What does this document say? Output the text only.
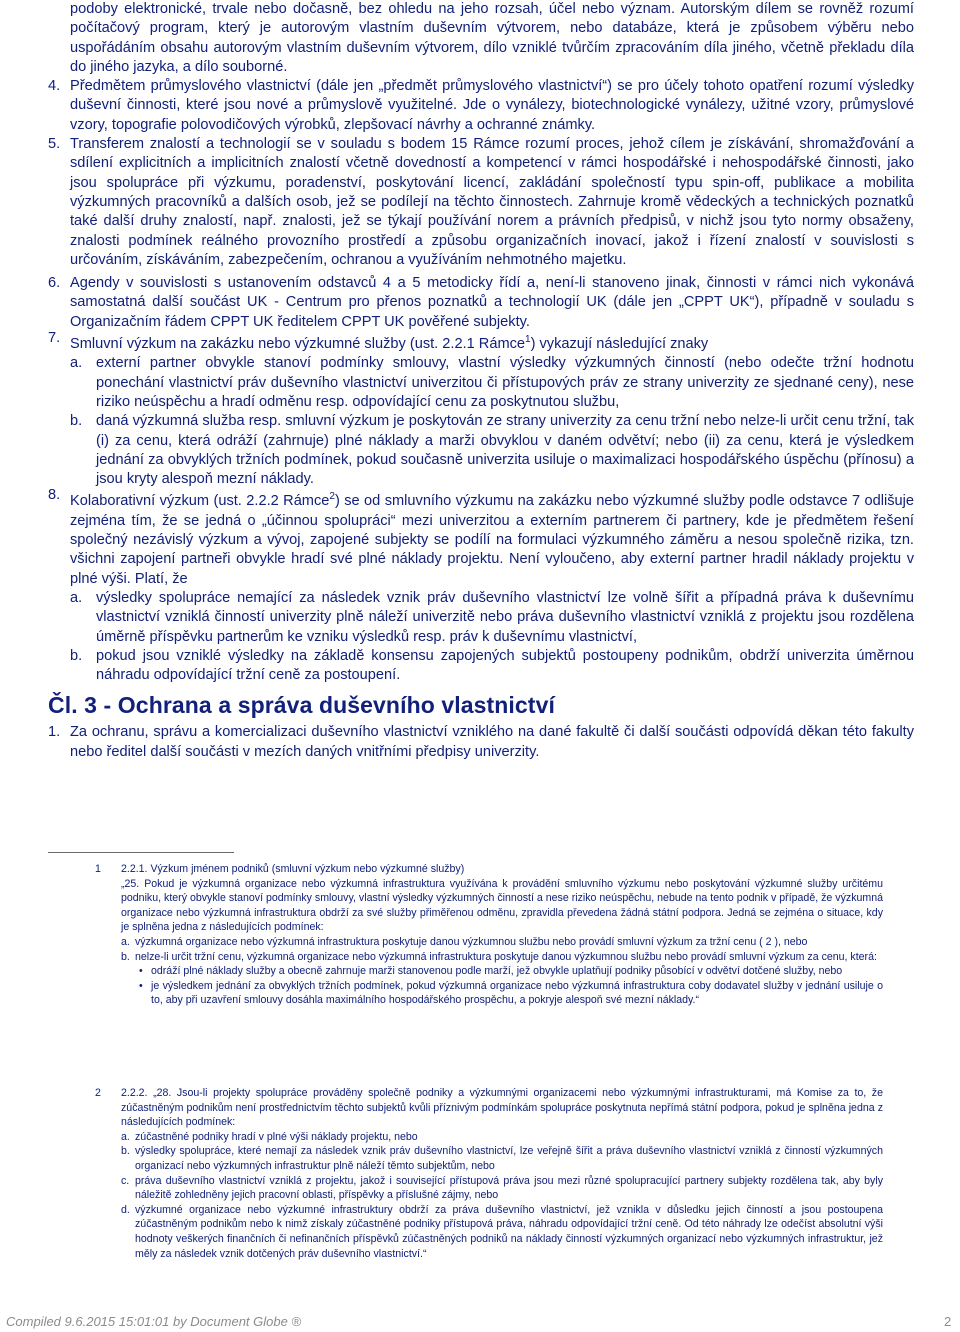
podoby elektronické, trvale nebo dočasně, bez ohledu na jeho rozsah, účel nebo význam. Autorským dílem se rovněž rozumí počítačový program, který je autorovým vlastním duševním výtvorem, nebo databáze, která je způsobem výběru nebo uspořádáním obsahu autorovým vlastním duševním výtvorem, dílo vzniklé tvůrčím zpracováním díla jiného, včetně překladu díla do jiného jazyka, a dílo souborné.
4. Předmětem průmyslového vlastnictví (dále jen „předmět průmyslového vlastnictví“) se pro účely tohoto opatření rozumí výsledky duševní činnosti, které jsou nové a průmyslově využitelné. Jde o vynálezy, biotechnologické vynálezy, užitné vzory, průmyslové vzory, topografie polovodičových výrobků, zlepšovací návrhy a ochranné známky.
5. Transferem znalostí a technologií se v souladu s bodem 15 Rámce rozumí proces, jehož cílem je získávání, shromažďování a sdílení explicitních a implicitních znalostí včetně dovedností a kompetencí v rámci hospodářské i nehospodářské činnosti, jako jsou spolupráce při výzkumu, poradenství, poskytování licencí, zakládání společností typu spin-off, publikace a mobilita výzkumných pracovníků a dalších osob, jež se podílejí na těchto činnostech. Zahrnuje kromě vědeckých a technických poznatků také další druhy znalostí, např. znalosti, jež se týkají používání norem a právních předpisů, v nichž jsou tyto normy obsaženy, znalosti podmínek reálného provozního prostředí a způsobu organizačních inovací, jakož i řízení znalostí v souvislosti s určováním, získáváním, zabezpečením, ochranou a využíváním nehmotného majetku.
6. Agendy v souvislosti s ustanovením odstavců 4 a 5 metodicky řídí a, není-li stanoveno jinak, činnosti v rámci nich vykonává samostatná další součást UK - Centrum pro přenos poznatků a technologií UK (dále jen „CPPT UK“), případně v souladu s Organizačním řádem CPPT UK ředitelem CPPT UK pověřené subjekty.
7. Smluvní výzkum na zakázku nebo výzkumné služby (ust. 2.2.1 Rámce$^1$) vykazují následující znaky
a. externí partner obvykle stanoví podmínky smlouvy, vlastní výsledky výzkumných činností (nebo odečte tržní hodnotu ponechání vlastnictví práv duševního vlastnictví univerzitou či přístupových práv ze strany univerzity ze sjednané ceny), nese riziko neúspěchu a hradí odměnu resp. odpovídající cenu za poskytnutou službu,
b. daná výzkumná služba resp. smluvní výzkum je poskytován ze strany univerzity za cenu tržní nebo nelze-li určit cenu tržní, tak (i) za cenu, která odráží (zahrnuje) plné náklady a marži obvyklou v daném odvětví; nebo (ii) za cenu, která je výsledkem jednání za obvyklých tržních podmínek, pokud současně univerzita usiluje o maximalizaci hospodářského úspěchu (přínosu) a jsou kryty alespoň mezní náklady.
8. Kolaborativní výzkum (ust. 2.2.2 Rámce$^2$) se od smluvního výzkumu na zakázku nebo výzkumné služby podle odstavce 7 odlišuje zejména tím, že se jedná o „účinnou spolupráci“ mezi univerzitou a externím partnerem či partnery, kde je předmětem řešení společný nezávislý výzkum a vývoj, zapojené subjekty se podílí na formulaci výzkumného záměru a nesou společně rizika, tzn. všichni zapojení partneři obvykle hradí své plné náklady projektu. Není vyloučeno, aby externí partner hradil náklady projektu v plné výši. Platí, že
a. výsledky spolupráce nemající za následek vznik práv duševního vlastnictví lze volně šířit a případná práva k duševnímu vlastnictví vzniklá činností univerzity plně náleží univerzitě nebo práva duševního vlastnictví vzniklá z projektu jsou rozdělena úměrně příspěvku partnerům ke vzniku výsledků resp. práv k duševnímu vlastnictví,
b. pokud jsou vzniklé výsledky na základě konsensu zapojených subjektů postoupeny podnikům, obdrží univerzita úměrnou náhradu odpovídající tržní ceně za postoupení.
Čl. 3 - Ochrana a správa duševního vlastnictví
1. Za ochranu, správu a komercializaci duševního vlastnictví vzniklého na dané fakultě či další součásti odpovídá děkan této fakulty nebo ředitel další součásti v mezích daných vnitřními předpisy univerzity.
1 2.2.1. Výzkum jménem podniků (smluvní výzkum nebo výzkumné služby)
„25. Pokud je výzkumná organizace nebo výzkumná infrastruktura využívána k provádění smluvního výzkumu nebo poskytování výzkumné služby určitému podniku, který obvykle stanoví podmínky smlouvy, vlastní výsledky výzkumných činností a nese riziko neúspěchu, nebude na tento podnik v případě, že výzkumná organizace nebo výzkumná infrastruktura obdrží za své služby přiměřenou odměnu, zpravidla převedena žádná státní podpora. Jedná se zejména o situace, kdy je splněna jedna z následujících podmínek:
a. výzkumná organizace nebo výzkumná infrastruktura poskytuje danou výzkumnou službu nebo provádí smluvní výzkum za tržní cenu ( 2 ), nebo
b. nelze-li určit tržní cenu, výzkumná organizace nebo výzkumná infrastruktura poskytuje danou výzkumnou službu nebo provádí smluvní výzkum za cenu, která:
• odráží plné náklady služby a obecně zahrnuje marži stanovenou podle marží, jež obvykle uplatňují podniky působící v odvětví dotčené služby, nebo
• je výsledkem jednání za obvyklých tržních podmínek, pokud výzkumná organizace nebo výzkumná infrastruktura coby dodavatel služby v jednání usiluje o to, aby při uzavření smlouvy dosáhla maximálního hospodářského prospěchu, a pokryje alespoň své mezní náklady.“
2 2.2.2. „28. Jsou-li projekty spolupráce prováděny společně podniky a výzkumnými organizacemi nebo výzkumnými infrastrukturami, má Komise za to, že zúčastněným podnikům není prostřednictvím těchto subjektů kvůli příznivým podmínkám spolupráce poskytnuta nepřímá státní podpora, pokud je splněna jedna z následujících podmínek:
a. zúčastněné podniky hradí v plné výši náklady projektu, nebo
b. výsledky spolupráce, které nemají za následek vznik práv duševního vlastnictví, lze veřejně šířit a práva duševního vlastnictví vzniklá z činností výzkumných organizací nebo výzkumných infrastruktur plně náleží těmto subjektům, nebo
c. práva duševního vlastnictví vzniklá z projektu, jakož i související přístupová práva jsou mezi různé spolupracující partnery subjekty rozdělena tak, aby byly náležitě zohledněny jejich pracovní oblasti, příspěvky a příslušné zájmy, nebo
d. výzkumné organizace nebo výzkumné infrastruktury obdrží za práva duševního vlastnictví, jež vznikla v důsledku jejich činností a jsou postoupena zúčastněným podnikům nebo k nimž získaly zúčastněné podniky přístupová práva, náhradu odpovídající tržní ceně. Od této náhrady lze odečíst absolutní výši hodnoty veškerých finančních či nefinančních příspěvků zúčastněných podniků na náklady činností výzkumných organizací nebo výzkumných infrastruktur, jež měly za následek vznik dotčených práv duševního vlastnictví.“
Compiled 9.6.2015 15:01:01 by Document Globe ®	2
